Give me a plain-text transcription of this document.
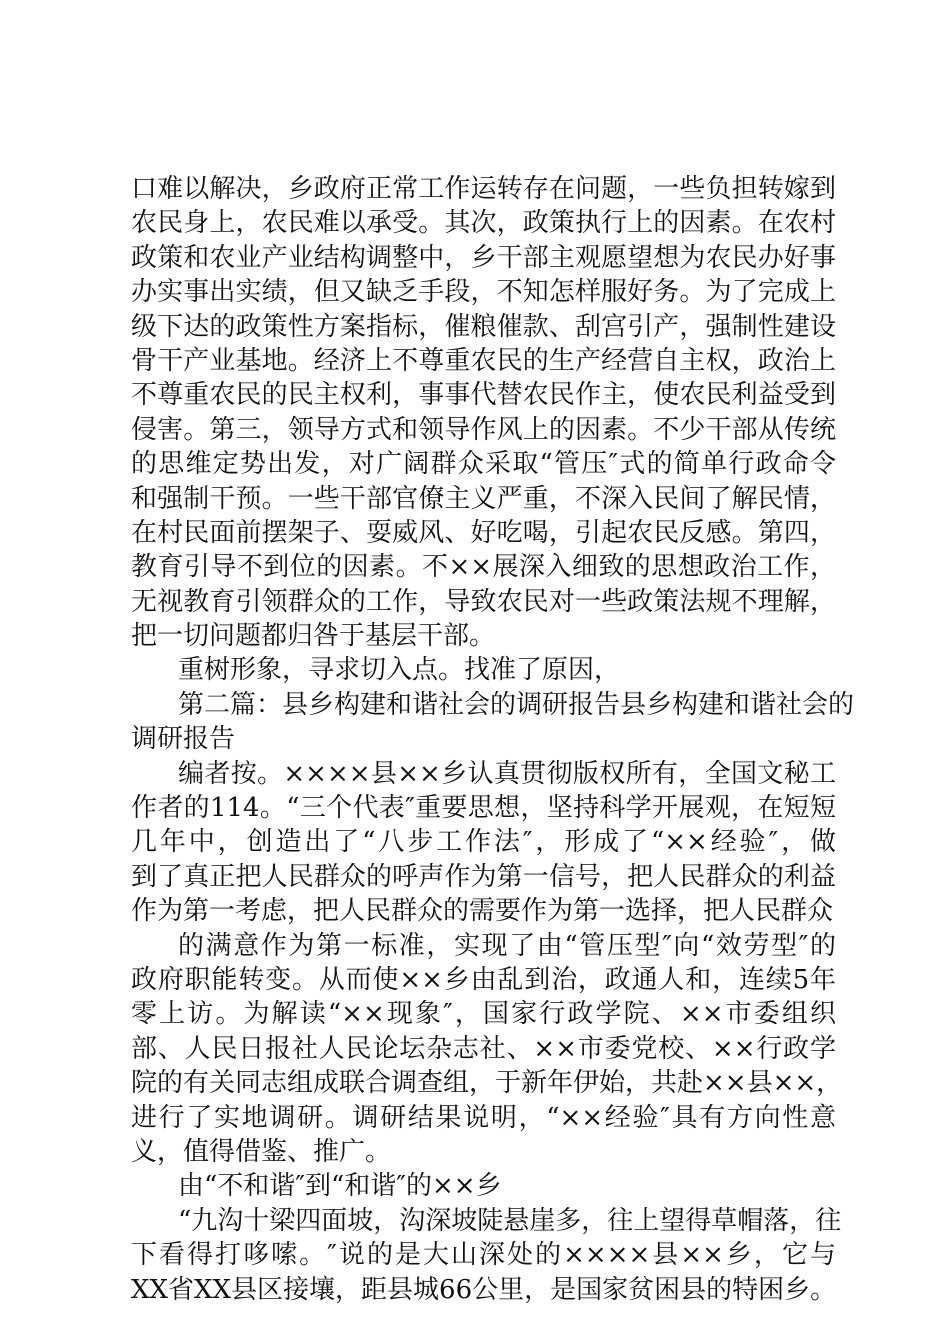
口难以解决，乡政府正常工作运转存在问题，一些负担转嫁到
农民身上，农民难以承受。其次，政策执行上的因素。在农村
政策和农业产业结构调整中，乡干部主观愿望想为农民办好事
办实事出实绩，但又缺乏手段，不知怎样服好务。为了完成上
级下达的政策性方案指标，催粮催款、刮宫引产，强制性建设
骨干产业基地。经济上不尊重农民的生产经营自主权，政治上
不尊重农民的民主权利，事事代替农民作主，使农民利益受到
侵害。第三，领导方式和领导作风上的因素。不少干部从传统
的思维定势出发，对广阔群众采取“管压″式的简单行政命令
和强制干预。一些干部官僚主义严重，不深入民间了解民情，
在村民面前摆架子、耍威风、好吃喝，引起农民反感。第四，
教育引导不到位的因素。不××展深入细致的思想政治工作，
无视教育引领群众的工作，导致农民对一些政策法规不理解，
把一切问题都归咎于基层干部。
重树形象，寻求切入点。找准了原因，
第二篇：县乡构建和谐社会的调研报告县乡构建和谐社会的
调研报告
编者按。××××县××乡认真贯彻版权所有，全国文秘工
作者的114。“三个代表″重要思想，坚持科学开展观，在短短
几年中，创造出了“八步工作法″，形成了“××经验″，做
到了真正把人民群众的呼声作为第一信号，把人民群众的利益
作为第一考虑，把人民群众的需要作为第一选择，把人民群众
的满意作为第一标准，实现了由“管压型″向“效劳型″的
政府职能转变。从而使××乡由乱到治，政通人和，连续5年
零上访。为解读“××现象″，国家行政学院、××市委组织
部、人民日报社人民论坛杂志社、××市委党校、××行政学
院的有关同志组成联合调查组，于新年伊始，共赴××县××，
进行了实地调研。调研结果说明，“××经验″具有方向性意
义，值得借鉴、推广。
由“不和谐″到“和谐″的××乡
“九沟十梁四面坡，沟深坡陡悬崖多，往上望得草帽落，往
下看得打哆嗦。″说的是大山深处的××××县××乡，它与
XX省XX县区接壤，距县城66公里，是国家贫困县的特困乡。
